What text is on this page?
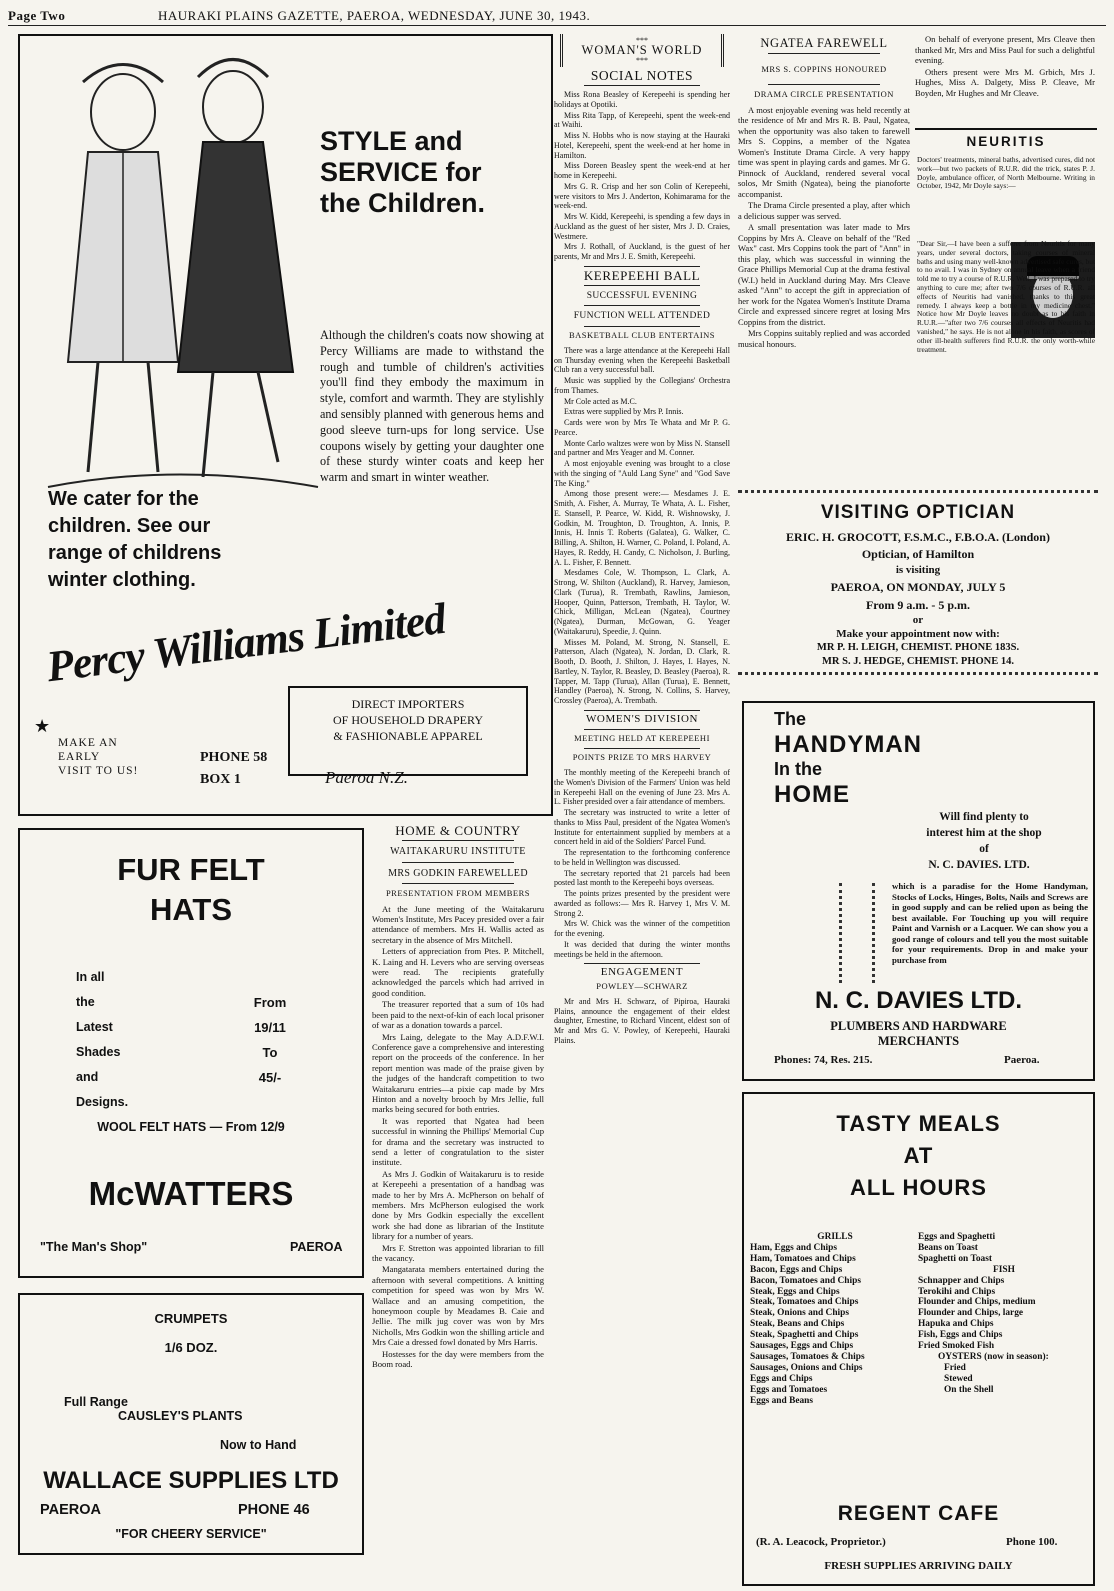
Page Two	HAURAKI PLAINS GAZETTE, PAEROA, WEDNESDAY, JUNE 30, 1943.
STYLE and
SERVICE for
the Children.
Although the children's coats now showing at Percy Williams are made to withstand the rough and tumble of children's activities you'll find they embody the maximum in style, comfort and warmth. They are stylishly and sensibly planned with generous hems and good sleeve turn-ups for long service. Use coupons wisely by getting your daughter one of these sturdy winter coats and keep her warm and smart in winter weather.
We cater for the
children. See our
range of childrens
winter clothing.
Percy Williams Limited
DIRECT IMPORTERS
OF HOUSEHOLD DRAPERY
& FASHIONABLE APPAREL
★
MAKE AN
EARLY
VISIT TO US!
PHONE 58
BOX 1	Paeroa N.Z.
FUR FELT
HATS
In all
the
Latest
Shades
and
Designs.
From
19/11
To
45/-
WOOL FELT HATS — From 12/9
McWATTERS
"The Man's Shop"	PAEROA
CRUMPETS
1/6 DOZ.
Full Range
CAUSLEY'S PLANTS
Now to Hand
WALLACE SUPPLIES LTD
PAEROA	PHONE 46
"FOR CHEERY SERVICE"
HOME & COUNTRY
WAITAKARURU INSTITUTE
MRS GODKIN FAREWELLED
PRESENTATION FROM MEMBERS

At the June meeting of the Waitakaruru Women's Institute, Mrs Pacey presided over a fair attendance of members. Mrs H. Wallis acted as secretary in the absence of Mrs Mitchell.

Letters of appreciation from Ptes. P. Mitchell, K. Laing and H. Levers who are serving overseas were read. The recipients gratefully acknowledged the parcels which had arrived in good condition.

The treasurer reported that a sum of 10s had been paid to the next-of-kin of each local prisoner of war as a donation towards a parcel.

Mrs Laing, delegate to the May A.D.F.W.I. Conference gave a comprehensive and interesting report on the proceeds of the conference. In her report mention was made of the praise given by the judges of the handcraft competition to two Waitakaruru entries—a pixie cap made by Mrs Hinton and a novelty brooch by Mrs Jellie, full marks being secured for both entries.

It was reported that Ngatea had been successful in winning the Phillips' Memorial Cup for drama and the secretary was instructed to send a letter of congratulation to the sister institute.

As Mrs J. Godkin of Waitakaruru is to reside at Kerepeehi a presentation of a handbag was made to her by Mrs A. McPherson on behalf of members. Mrs McPherson eulogised the work done by Mrs Godkin especially the excellent work she had done as librarian of the Institute library for a number of years.

Mrs F. Stretton was appointed librarian to fill the vacancy.

Mangatarata members entertained during the afternoon with several competitions. A knitting competition for speed was won by Mrs W. Wallace and an amusing competition, the honeymoon couple by Meadames B. Caie and Jellie. The milk jug cover was won by Mrs Nicholls, Mrs Godkin won the shilling article and Mrs Caie a dressed fowl donated by Mrs Harris.

Hostesses for the day were members from the Boom road.

***
WOMAN'S WORLD
***
SOCIAL NOTES

Miss Rona Beasley of Kerepeehi is spending her holidays at Opotiki.

Miss Rita Tapp, of Kerepeehi, spent the week-end at Waihi.

Miss N. Hobbs who is now staying at the Hauraki Hotel, Kerepeehi, spent the week-end at her home in Hamilton.

Miss Doreen Beasley spent the week-end at her home in Kerepeehi.

Mrs G. R. Crisp and her son Colin of Kerepeehi, were visitors to Mrs J. Anderton, Kohimarama for the week-end.

Mrs W. Kidd, Kerepeehi, is spending a few days in Auckland as the guest of her sister, Mrs J. D. Craies, Westmere.

Mrs J. Rothall, of Auckland, is the guest of her parents, Mr and Mrs J. E. Smith, Kerepeehi.

KEREPEEHI BALL
SUCCESSFUL EVENING
FUNCTION WELL ATTENDED
BASKETBALL CLUB ENTERTAINS

There was a large attendance at the Kerepeehi Hall on Thursday evening when the Kerepeehi Basketball Club ran a very successful ball.

Music was supplied by the Collegians' Orchestra from Thames.

Mr Cole acted as M.C.

Extras were supplied by Mrs P. Innis.

Cards were won by Mrs Te Whata and Mr P. G. Pearce.

Monte Carlo waltzes were won by Miss N. Stansell and partner and Mrs Yeager and M. Conner.

A most enjoyable evening was brought to a close with the singing of "Auld Lang Syne" and "God Save The King."

Among those present were:— Mesdames J. E. Smith, A. Fisher, A. Murray, Te Whata, A. L. Fisher, E. Stansell, P. Pearce, W. Kidd, R. Wishnowsky, J. Godkin, M. Troughton, D. Troughton, A. Innis, P. Innis, H. Innis T. Roberts (Galatea), G. Walker, C. Billing, A. Shilton, H. Warner, C. Poland, I. Poland, A. Hayes, R. Reddy, H. Candy, C. Nicholson, J. Burling, A. L. Fisher, F. Bennett.

Mesdames Cole, W. Thompson, L. Clark, A. Strong, W. Shilton (Auckland), R. Harvey, Jamieson, Clark (Turua), R. Trembath, Rawlins, Jamieson, Hooper, Quinn, Patterson, Trembath, H. Taylor, W. Chick, Milligan, McLean (Ngatea), Courtney (Ngatea), Durman, McGowan, G. Yeager (Waitakaruru), Speedie, J. Quinn.

Misses M. Poland, M. Strong, N. Stansell, E. Patterson, Alach (Ngatea), N. Jordan, D. Clark, R. Booth, D. Booth, J. Shilton, J. Hayes, I. Hayes, N. Bartley, N. Taylor, R. Beasley, D. Beasley (Paeroa), R. Tapper, M. Tapp (Turua), Allan (Turua), E. Bennett, Handley (Paeroa), N. Strong, N. Collins, S. Harvey, Crossley (Paeroa), A. Trembath.

WOMEN'S DIVISION
MEETING HELD AT KEREPEEHI
POINTS PRIZE TO MRS HARVEY

The monthly meeting of the Kerepeehi branch of the Women's Division of the Farmers' Union was held in Kerepeehi Hall on the evening of June 23. Mrs A. L. Fisher presided over a fair attendance of members.

The secretary was instructed to write a letter of thanks to Miss Paul, president of the Ngatea Women's Institute for entertainment supplied by members at a concert held in aid of the Soldiers' Parcel Fund.

The representation to the forthcoming conference to be held in Wellington was discussed.

The secretary reported that 21 parcels had been posted last month to the Kerepeehi boys overseas.

The points prizes presented by the president were awarded as follows:— Mrs R. Harvey 1, Mrs V. M. Strong 2.

Mrs W. Chick was the winner of the competition for the evening.

It was decided that during the winter months meetings be held in the afternoon.

ENGAGEMENT
POWLEY—SCHWARZ

Mr and Mrs H. Schwarz, of Pipiroa, Hauraki Plains, announce the engagement of their eldest daughter, Ernestine, to Richard Vincent, eldest son of Mr and Mrs G. V. Powley, of Kerepeehi, Hauraki Plains.

NGATEA FAREWELL
MRS S. COPPINS HONOURED
DRAMA CIRCLE PRESENTATION

A most enjoyable evening was held recently at the residence of Mr and Mrs R. B. Paul, Ngatea, when the opportunity was also taken to farewell Mrs S. Coppins, a member of the Ngatea Women's Institute Drama Circle. A very happy time was spent in playing cards and games. Mr G. Pinnock of Auckland, rendered several vocal solos, Mr Smith (Ngatea), being the pianoforte accompanist.

The Drama Circle presented a play, after which a delicious supper was served.

A small presentation was later made to Mrs Coppins by Mrs A. Cleave on behalf of the "Red Wax" cast. Mrs Coppins took the part of "Ann" in this play, which was successful in winning the Grace Phillips Memorial Cup at the drama festival (W.I.) held in Auckland during May. Mrs Cleave asked "Ann" to accept the gift in appreciation of her work for the Ngatea Women's Institute Drama Circle and expressed sincere regret at losing Mrs Coppins from the district.

Mrs Coppins suitably replied and was accorded musical honours.

On behalf of everyone present, Mrs Cleave then thanked Mr, Mrs and Miss Paul for such a delightful evening.

Others present were Mrs M. Grbich, Mrs J. Hughes, Miss A. Dalgety, Miss P. Cleave, Mr Boyden, Mr Hughes and Mr Cleave.

NEURITIS
Doctors' treatments, mineral baths, advertised cures, did not work—but two packets of R.U.R. did the trick, states P. J. Doyle, ambulance officer, of North Melbourne. Writing in October, 1942, Mr Doyle says:—
"Dear Sir,—I have been a sufferer from Neuritis for many years, under several doctors, taking courses of mineral baths and using many well-known advertised safe cures, but to no avail. I was in Sydney on annual leave when a friend told me to try a course of R.U.R. Well, I was prepared to try anything to cure me; after two 7/6 courses of R.U.R. all effects of Neuritis had vanished, thanks to this great remedy. I always keep a bottle in my medicine chest." Notice how Mr Doyle leaves no doubt as to his faith in R.U.R.—"after two 7/6 courses all effects of Neuritis had vanished," he says. He is not alone in his faith, as scores of other ill-health sufferers find R.U.R. the only worth-while treatment.
VISITING OPTICIAN
ERIC. H. GROCOTT, F.S.M.C., F.B.O.A. (London)
Optician, of Hamilton
is visiting
PAEROA, ON MONDAY, JULY 5
From 9 a.m. - 5 p.m.
or
Make your appointment now with:
MR P. H. LEIGH, CHEMIST. PHONE 183S.
MR S. J. HEDGE, CHEMIST. PHONE 14.
The
HANDYMAN
In the
HOME
Will find plenty to
interest him at the shop
of
N. C. DAVIES. LTD.
which is a paradise for the Home Handyman, Stocks of Locks, Hinges, Bolts, Nails and Screws are in good supply and can be relied upon as being the best available. For Touching up you will require Paint and Varnish or a Lacquer. We can show you a good range of colours and tell you the most suitable for your requirements. Drop in and make your purchase from
N. C. DAVIES LTD.
PLUMBERS AND HARDWARE
MERCHANTS
Phones: 74, Res. 215.	Paeroa.
TASTY MEALS
AT
ALL HOURS
GRILLS
Ham, Eggs and Chips
Ham, Tomatoes and Chips
Bacon, Eggs and Chips
Bacon, Tomatoes and Chips
Steak, Eggs and Chips
Steak, Tomatoes and Chips
Steak, Onions and Chips
Steak, Beans and Chips
Steak, Spaghetti and Chips
Sausages, Eggs and Chips
Sausages, Tomatoes & Chips
Sausages, Onions and Chips
Eggs and Chips
Eggs and Tomatoes
Eggs and Beans
Eggs and Spaghetti
Beans on Toast
Spaghetti on Toast
FISH
Schnapper and Chips
Terokihi and Chips
Flounder and Chips, medium
Flounder and Chips, large
Hapuka and Chips
Fish, Eggs and Chips
Fried Smoked Fish
OYSTERS (now in season):
Fried
Stewed
On the Shell
REGENT CAFE
(R. A. Leacock, Proprietor.)	Phone 100.
FRESH SUPPLIES ARRIVING DAILY
